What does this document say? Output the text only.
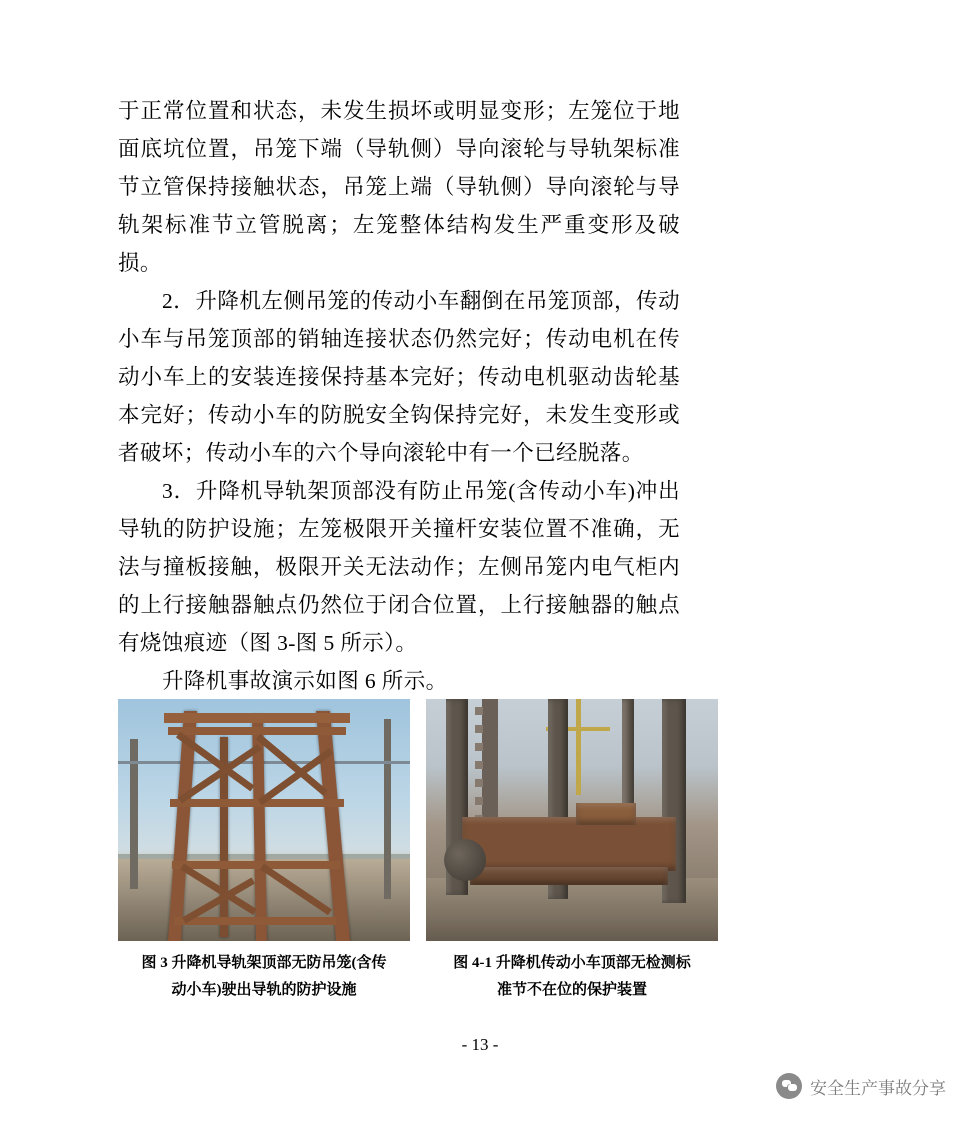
于正常位置和状态，未发生损坏或明显变形；左笼位于地面底坑位置，吊笼下端（导轨侧）导向滚轮与导轨架标准节立管保持接触状态，吊笼上端（导轨侧）导向滚轮与导轨架标准节立管脱离；左笼整体结构发生严重变形及破损。

2．升降机左侧吊笼的传动小车翻倒在吊笼顶部，传动小车与吊笼顶部的销轴连接状态仍然完好；传动电机在传动小车上的安装连接保持基本完好；传动电机驱动齿轮基本完好；传动小车的防脱安全钩保持完好，未发生变形或者破坏；传动小车的六个导向滚轮中有一个已经脱落。

3．升降机导轨架顶部没有防止吊笼(含传动小车)冲出导轨的防护设施；左笼极限开关撞杆安装位置不准确，无法与撞板接触，极限开关无法动作；左侧吊笼内电气柜内的上行接触器触点仍然位于闭合位置，上行接触器的触点有烧蚀痕迹（图 3-图 5 所示）。

升降机事故演示如图 6 所示。

图 3 升降机导轨架顶部无防吊笼(含传
动小车)驶出导轨的防护设施
图 4-1 升降机传动小车顶部无检测标
准节不在位的保护装置
- 13 -
安全生产事故分享
